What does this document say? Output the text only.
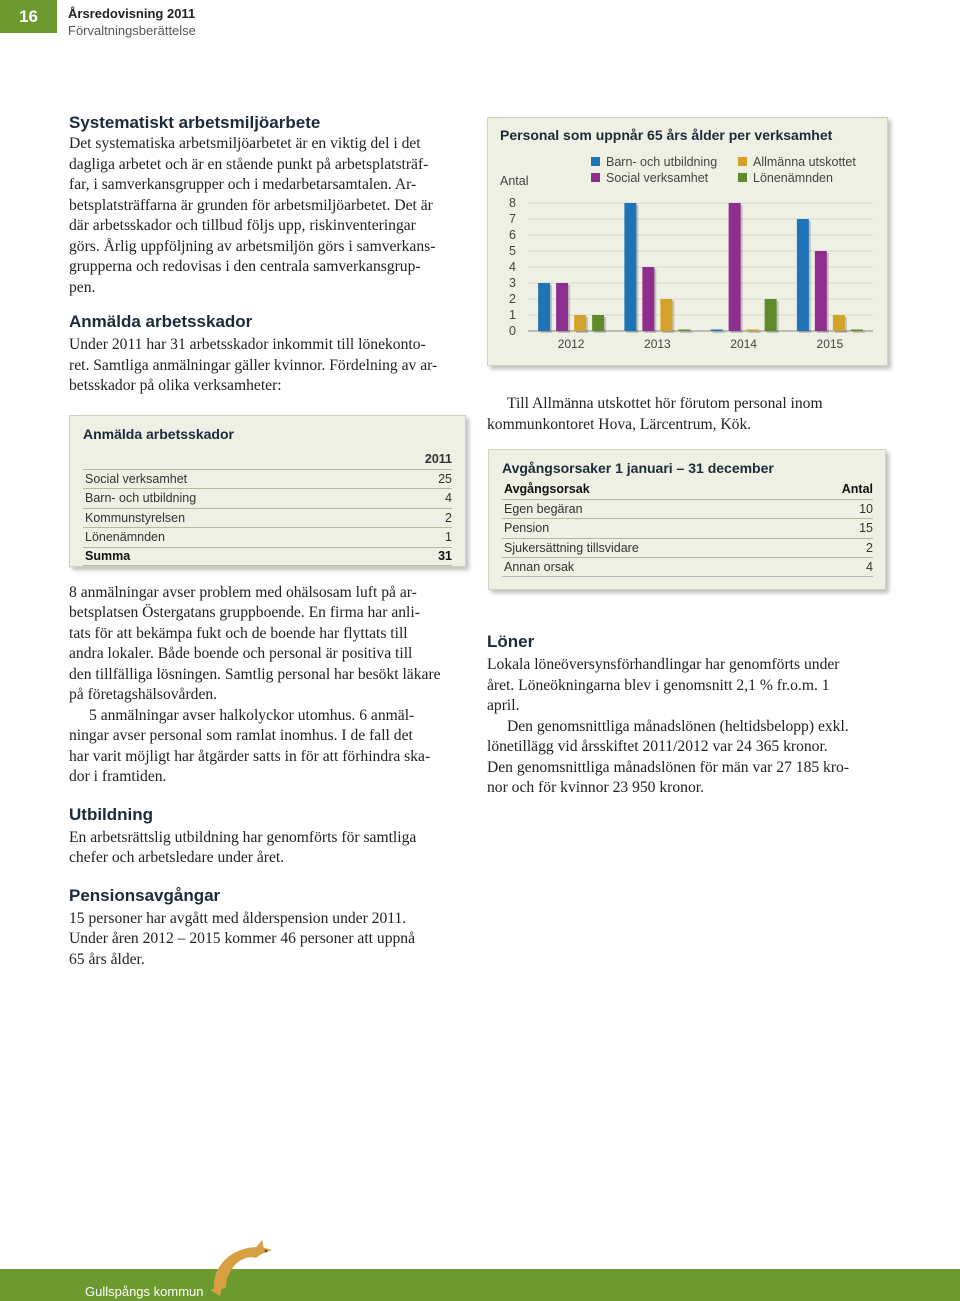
16	Årsredovisning 2011
Förvaltningsberättelse
Systematiskt arbetsmiljöarbete

Det systematiska arbetsmiljöarbetet är en viktig del i det
dagliga arbetet och är en stående punkt på arbetsplatsträf-
far, i samverkansgrupper och i medarbetarsamtalen. Ar-
betsplatsträffarna är grunden för arbetsmiljöarbetet. Det är
där arbetsskador och tillbud följs upp, riskinventeringar
görs. Årlig uppföljning av arbetsmiljön görs i samverkans-
grupperna och redovisas i den centrala samverkansgrup-
pen.

Anmälda arbetsskador

Under 2011 har 31 arbetsskador inkommit till lönekonto-
ret. Samtliga anmälningar gäller kvinnor. Fördelning av ar-
betsskador på olika verksamheter:

Anmälda arbetsskador
2011
Social verksamhet	25
Barn- och utbildning	4
Kommunstyrelsen	2
Lönenämnden	1
Summa	31

8 anmälningar avser problem med ohälsosam luft på ar-
betsplatsen Östergatans gruppboende. En firma har anli-
tats för att bekämpa fukt och de boende har flyttats till
andra lokaler. Både boende och personal är positiva till
den tillfälliga lösningen. Samtlig personal har besökt läkare
på företagshälsovården.

5 anmälningar avser halkolyckor utomhus. 6 anmäl-
ningar avser personal som ramlat inomhus. I de fall det
har varit möjligt har åtgärder satts in för att förhindra ska-
dor i framtiden.

Utbildning

En arbetsrättslig utbildning har genomförts för samtliga
chefer och arbetsledare under året.

Pensionsavgångar

15 personer har avgått med ålderspension under 2011.
Under åren 2012 – 2015 kommer 46 personer att uppnå
65 års ålder.

Personal som uppnår 65 års ålder per verksamhet
Antal
Barn- och utbildning
Social verksamhet
Allmänna utskottet
Lönenämnden
8
7
6
5
4
3
2
1
0
2012	2013	2014	2015

Till Allmänna utskottet hör förutom personal inom
kommunkontoret Hova, Lärcentrum, Kök.

Avgångsorsaker 1 januari – 31 december
Avgångsorsak	Antal
Egen begäran	10
Pension	15
Sjukersättning tillsvidare	2
Annan orsak	4
Löner

Lokala löneöversynsförhandlingar har genomförts under
året. Löneökningarna blev i genomsnitt 2,1 % fr.o.m. 1
april.

Den genomsnittliga månadslönen (heltidsbelopp) exkl.
lönetillägg vid årsskiftet 2011/2012 var 24 365 kronor.
Den genomsnittliga månadslönen för män var 27 185 kro-
nor och för kvinnor 23 950 kronor.

Gullspångs kommun
